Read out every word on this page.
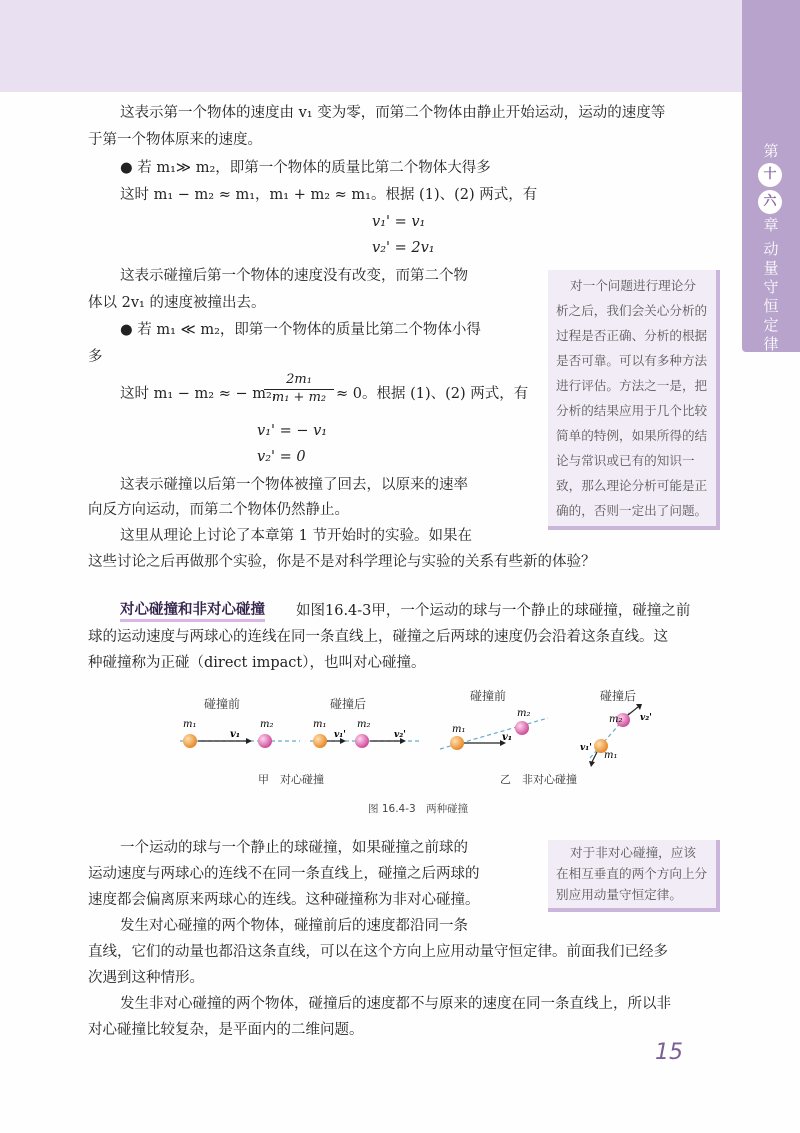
第
十
六
章
动量守恒定律

这表示第一个物体的速度由 v₁ 变为零，而第二个物体由静止开始运动，运动的速度等

于第一个物体原来的速度。

● 若 m₁≫ m₂，即第一个物体的质量比第二个物体大得多

这时 m₁ − m₂ ≈ m₁，m₁ + m₂ ≈ m₁。根据 (1)、(2) 两式，有

v₁' = v₁

v₂' = 2v₁

这表示碰撞后第一个物体的速度没有改变，而第二个物

体以 2v₁ 的速度被撞出去。

● 若 m₁ ≪ m₂，即第一个物体的质量比第二个物体小得

多

这时 m₁ − m₂ ≈ − m₂，

$\frac{\text{2m₁}}{\text{m₁ + m₂}} \approx 0$。根据 (1)、(2) 两式，有

v₁' = − v₁

v₂' = 0

这表示碰撞以后第一个物体被撞了回去，以原来的速率

向反方向运动，而第二个物体仍然静止。

这里从理论上讨论了本章第 1 节开始时的实验。如果在

这些讨论之后再做那个实验，你是不是对科学理论与实验的关系有些新的体验？

对一个问题进行理论分
析之后，我们会关心分析的
过程是否正确、分析的根据
是否可靠。可以有多种方法
进行评估。方法之一是，把
分析的结果应用于几个比较
简单的特例，如果所得的结
论与常识或已有的知识一
致，那么理论分析可能是正
确的，否则一定出了问题。
对心碰撞和非对心碰撞 如图16.4-3甲，一个运动的球与一个静止的球碰撞，碰撞之前

球的运动速度与两球心的连线在同一条直线上，碰撞之后两球的速度仍会沿着这条直线。这

种碰撞称为正碰（direct impact），也叫对心碰撞。

碰撞前
m₁	m₂
v₁
碰撞后
m₁	m₂
v₁'	v₂'
碰撞前
m₁
m₂
v₁
碰撞后
m₂
m₁
v₂'
v₁'
甲　对心碰撞	乙　非对心碰撞
图 16.4-3　两种碰撞

一个运动的球与一个静止的球碰撞，如果碰撞之前球的

运动速度与两球心的连线不在同一条直线上，碰撞之后两球的

速度都会偏离原来两球心的连线。这种碰撞称为非对心碰撞。

发生对心碰撞的两个物体，碰撞前后的速度都沿同一条

直线，它们的动量也都沿这条直线，可以在这个方向上应用动量守恒定律。前面我们已经多

次遇到这种情形。

发生非对心碰撞的两个物体，碰撞后的速度都不与原来的速度在同一条直线上，所以非

对心碰撞比较复杂，是平面内的二维问题。

对于非对心碰撞，应该
在相互垂直的两个方向上分
别应用动量守恒定律。
15
